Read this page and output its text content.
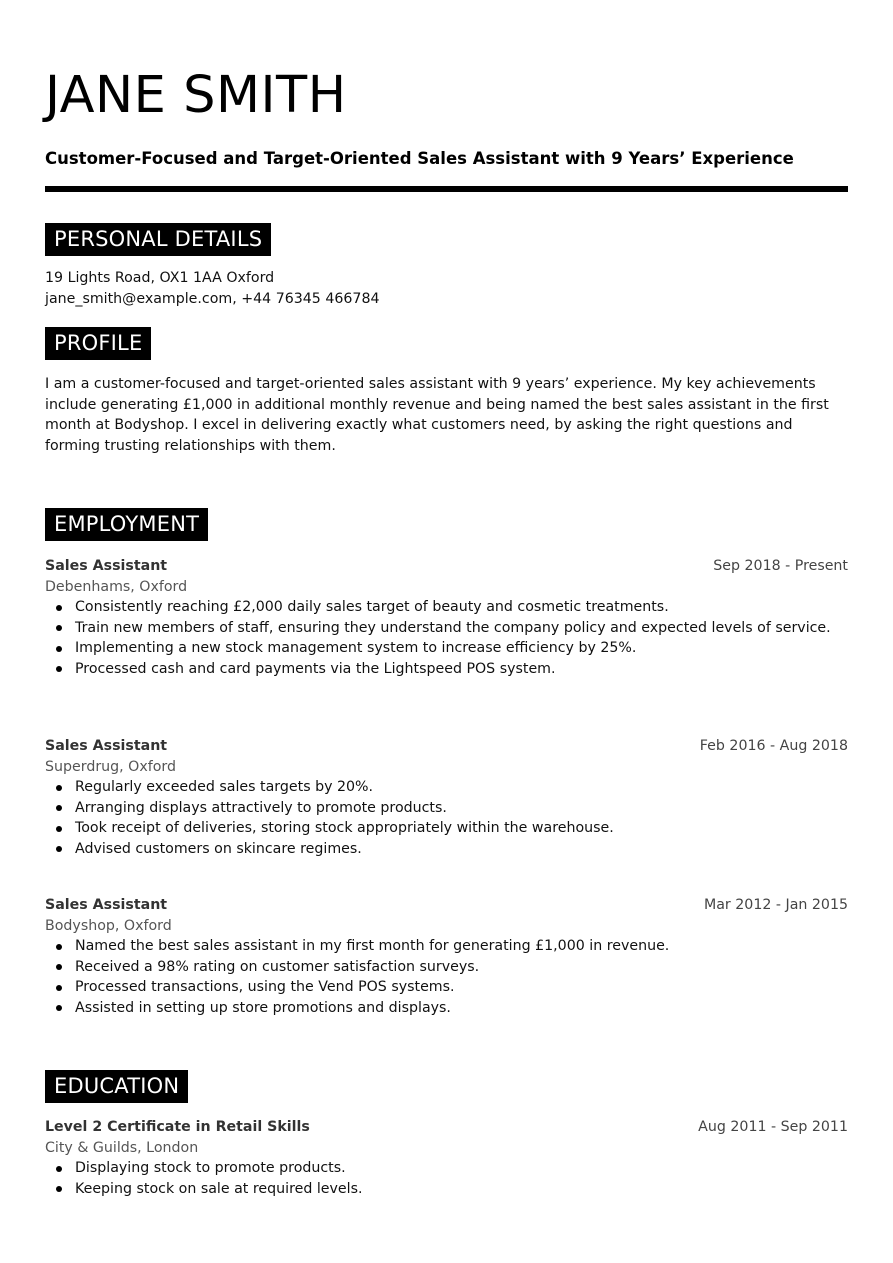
JANE SMITH
Customer-Focused and Target-Oriented Sales Assistant with 9 Years’ Experience
PERSONAL DETAILS
19 Lights Road, OX1 1AA Oxford
jane_smith@example.com, +44 76345 466784
PROFILE

I am a customer-focused and target-oriented sales assistant with 9 years’ experience. My key achievements include generating £1,000 in additional monthly revenue and being named the best sales assistant in the first month at Bodyshop. I excel in delivering exactly what customers need, by asking the right questions and forming trusting relationships with them.

EMPLOYMENT
Sales Assistant	Sep 2018 - Present
Debenhams, Oxford
Consistently reaching £2,000 daily sales target of beauty and cosmetic treatments.
Train new members of staff, ensuring they understand the company policy and expected levels of service.
Implementing a new stock management system to increase efficiency by 25%.
Processed cash and card payments via the Lightspeed POS system.
Sales Assistant	Feb 2016 - Aug 2018
Superdrug, Oxford
Regularly exceeded sales targets by 20%.
Arranging displays attractively to promote products.
Took receipt of deliveries, storing stock appropriately within the warehouse.
Advised customers on skincare regimes.
Sales Assistant	Mar 2012 - Jan 2015
Bodyshop, Oxford
Named the best sales assistant in my first month for generating £1,000 in revenue.
Received a 98% rating on customer satisfaction surveys.
Processed transactions, using the Vend POS systems.
Assisted in setting up store promotions and displays.
EDUCATION
Level 2 Certificate in Retail Skills	Aug 2011 - Sep 2011
City & Guilds, London
Displaying stock to promote products.
Keeping stock on sale at required levels.
